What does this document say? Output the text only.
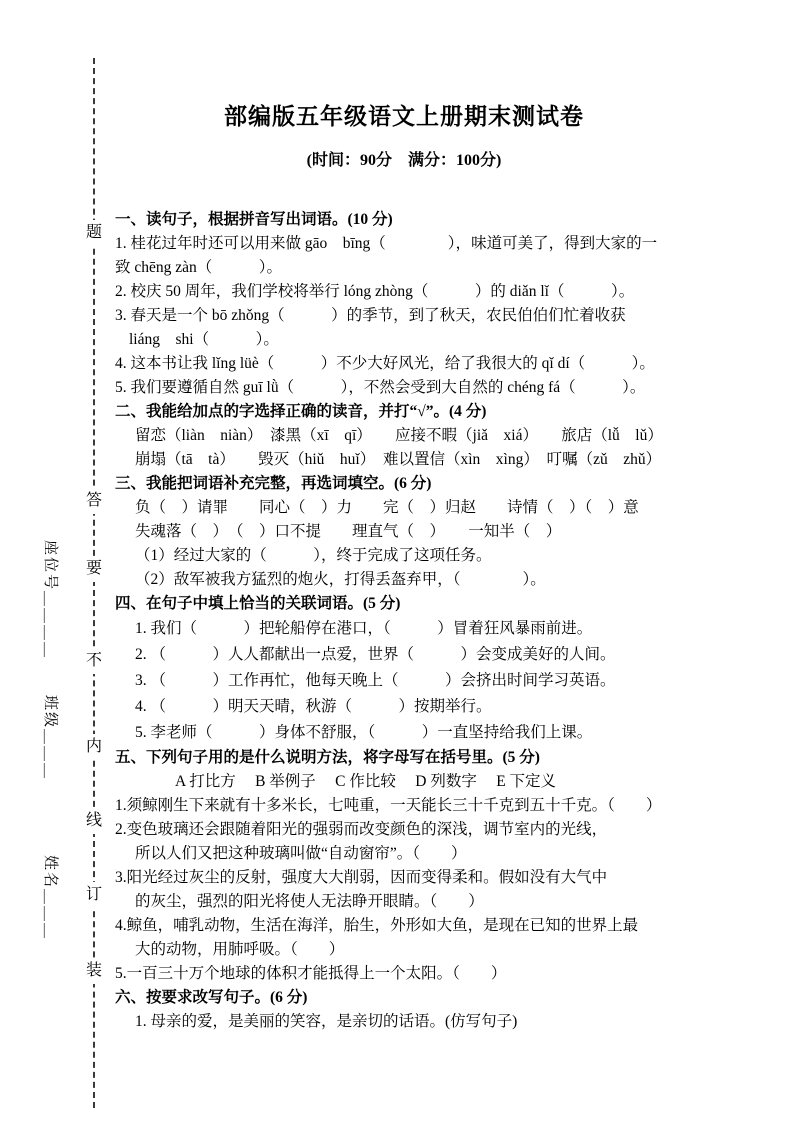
题
答
要
不
内
线
订
装
座位号＿＿＿＿
班级＿＿＿
姓名＿＿＿
部编版五年级语文上册期末测试卷
(时间：90分　满分：100分)
一、读句子，根据拼音写出词语。(10 分)
1. 桂花过年时还可以用来做 gāo　bīng（　　　　），味道可美了，得到大家的一
致 chēng zàn（　　　）。
2. 校庆 50 周年，我们学校将举行 lóng zhòng（　　　）的 diǎn lǐ（　　　）。
3. 春天是一个 bō zhǒng（　　　）的季节，到了秋天，农民伯伯们忙着收获
liáng　shi（　　　）。
4. 这本书让我 lǐng lüè（　　　）不少大好风光，给了我很大的 qǐ dí（　　　）。
5. 我们要遵循自然 guī lǜ（　　　），不然会受到大自然的 chéng fá（　　　）。
二、我能给加点的字选择正确的读音，并打“√”。(4 分)
留恋（liàn　niàn）　漆黑（xī　qī）　　应接不暇（jiǎ　xiá）　　旅店（lǚ　lǔ）
崩塌（tā　tà）　　毁灭（hiǔ　huǐ）　难以置信（xìn　xìng）　叮嘱（zǔ　zhǔ）
三、我能把词语补充完整，再选词填空。(6 分)
负（　）请罪　　同心（　）力　　完（　）归赵　　诗情（　）（　）意
失魂落（　）　（　）口不提　　理直气（　）　　一知半（　）
（1）经过大家的（　　　），终于完成了这项任务。
（2）敌军被我方猛烈的炮火，打得丢盔弃甲，（　　　　）。
四、在句子中填上恰当的关联词语。(5 分)
1. 我们（　　　）把轮船停在港口，（　　　）冒着狂风暴雨前进。
2. （　　　）人人都献出一点爱，世界（　　　）会变成美好的人间。
3. （　　　）工作再忙，他每天晚上（　　　）会挤出时间学习英语。
4. （　　　）明天天晴，秋游（　　　）按期举行。
5. 李老师（　　　）身体不舒服，（　　　）一直坚持给我们上课。
五、下列句子用的是什么说明方法，将字母写在括号里。(5 分)
A 打比方　 B 举例子　 C 作比较　 D 列数字　 E 下定义
1.须鲸刚生下来就有十多米长，七吨重，一天能长三十千克到五十千克。（　　）
2.变色玻璃还会跟随着阳光的强弱而改变颜色的深浅，调节室内的光线，
所以人们又把这种玻璃叫做“自动窗帘”。（　　）
3.阳光经过灰尘的反射，强度大大削弱，因而变得柔和。假如没有大气中
的灰尘，强烈的阳光将使人无法睁开眼睛。（　　）
4.鲸鱼，哺乳动物，生活在海洋，胎生，外形如大鱼，是现在已知的世界上最
大的动物，用肺呼吸。（　　）
5.一百三十万个地球的体积才能抵得上一个太阳。（　　）
六、按要求改写句子。(6 分)
1. 母亲的爱，是美丽的笑容，是亲切的话语。(仿写句子)
